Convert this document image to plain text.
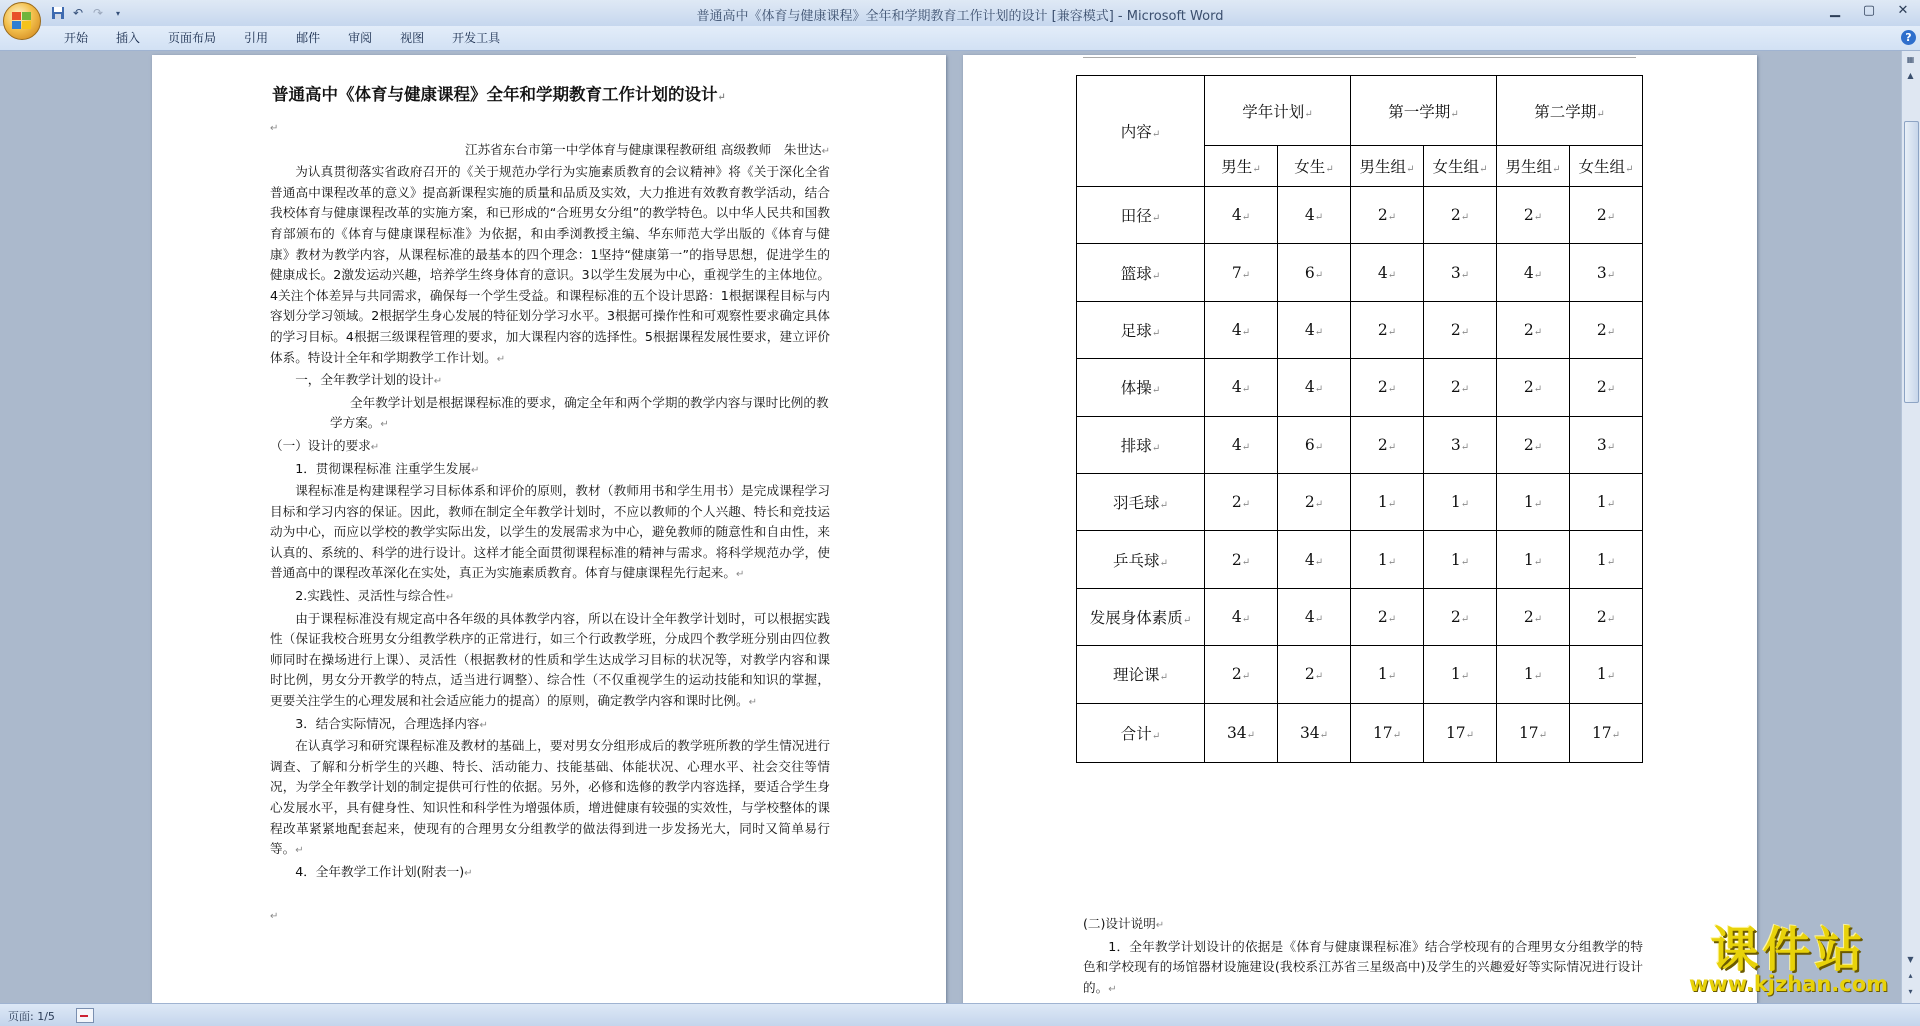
↶ ↷	▾	普通高中《体育与健康课程》全年和学期教育工作计划的设计 [兼容模式] - Microsoft Word	▁	▢	✕
开始	插入	页面布局	引用	邮件	审阅	视图	开发工具	?
普通高中《体育与健康课程》全年和学期教育工作计划的设计↵

↵

江苏省东台市第一中学体育与健康课程教研组 高级教师　朱世达↵

为认真贯彻落实省政府召开的《关于规范办学行为实施素质教育的会议精神》将《关于深化全省普通高中课程改革的意义》提高新课程实施的质量和品质及实效，大力推进有效教育教学活动，结合我校体育与健康课程改革的实施方案，和已形成的“合班男女分组”的教学特色。以中华人民共和国教育部颁布的《体育与健康课程标准》为依据，和由季浏教授主编、华东师范大学出版的《体育与健康》教材为教学内容，从课程标准的最基本的四个理念：1坚持“健康第一”的指导思想，促进学生的健康成长。2激发运动兴趣，培养学生终身体育的意识。3以学生发展为中心，重视学生的主体地位。4关注个体差异与共同需求，确保每一个学生受益。和课程标准的五个设计思路：1根据课程目标与内容划分学习领域。2根据学生身心发展的特征划分学习水平。3根据可操作性和可观察性要求确定具体的学习目标。4根据三级课程管理的要求，加大课程内容的选择性。5根据课程发展性要求，建立评价体系。特设计全年和学期教学工作计划。↵

一，全年教学计划的设计↵

全年教学计划是根据课程标准的要求，确定全年和两个学期的教学内容与课时比例的教学方案。↵

（一）设计的要求↵

1．贯彻课程标准 注重学生发展↵

课程标准是构建课程学习目标体系和评价的原则，教材（教师用书和学生用书）是完成课程学习目标和学习内容的保证。因此，教师在制定全年教学计划时，不应以教师的个人兴趣、特长和竞技运动为中心，而应以学校的教学实际出发，以学生的发展需求为中心，避免教师的随意性和自由性，来认真的、系统的、科学的进行设计。这样才能全面贯彻课程标准的精神与需求。将科学规范办学，使普通高中的课程改革深化在实处，真正为实施素质教育。体育与健康课程先行起来。↵

2.实践性、灵活性与综合性↵

由于课程标准没有规定高中各年级的具体教学内容，所以在设计全年教学计划时，可以根据实践性（保证我校合班男女分组教学秩序的正常进行，如三个行政教学班，分成四个教学班分别由四位教师同时在操场进行上课）、灵活性（根据教材的性质和学生达成学习目标的状况等，对教学内容和课时比例，男女分开教学的特点，适当进行调整）、综合性（不仅重视学生的运动技能和知识的掌握，更要关注学生的心理发展和社会适应能力的提高）的原则，确定教学内容和课时比例。↵

3．结合实际情况，合理选择内容↵

在认真学习和研究课程标准及教材的基础上，要对男女分组形成后的教学班所教的学生情况进行调查、了解和分析学生的兴趣、特长、活动能力、技能基础、体能状况、心理水平、社会交往等情况，为学全年教学计划的制定提供可行性的依据。另外，必修和选修的教学内容选择，要适合学生身心发展水平，具有健身性、知识性和科学性为增强体质，增进健康有较强的实效性，与学校整体的课程改革紧紧地配套起来，使现有的合理男女分组教学的做法得到进一步发扬光大，同时又简单易行等。↵

4．全年教学工作计划(附表一)↵

↵

内容↵	学年计划↵		第一学期↵		第二学期↵	
	男生↵	女生↵	男生组↵	女生组↵	男生组↵	女生组↵
田径↵	4↵	4↵	2↵	2↵	2↵	2↵
篮球↵	7↵	6↵	4↵	3↵	4↵	3↵
足球↵	4↵	4↵	2↵	2↵	2↵	2↵
体操↵	4↵	4↵	2↵	2↵	2↵	2↵
排球↵	4↵	6↵	2↵	3↵	2↵	3↵
羽毛球↵	2↵	2↵	1↵	1↵	1↵	1↵
乒乓球↵	2↵	4↵	1↵	1↵	1↵	1↵
发展身体素质↵	4↵	4↵	2↵	2↵	2↵	2↵
理论课↵	2↵	2↵	1↵	1↵	1↵	1↵
合计↵	34↵	34↵	17↵	17↵	17↵	17↵

(二)设计说明↵

1．全年教学计划设计的依据是《体育与健康课程标准》结合学校现有的合理男女分组教学的特色和学校现有的场馆器材设施建设(我校系江苏省三星级高中)及学生的兴趣爱好等实际情况进行设计的。↵

▦
▲
▼
▴
▾
页面: 1/5
课件站
www.kjzhan.com
